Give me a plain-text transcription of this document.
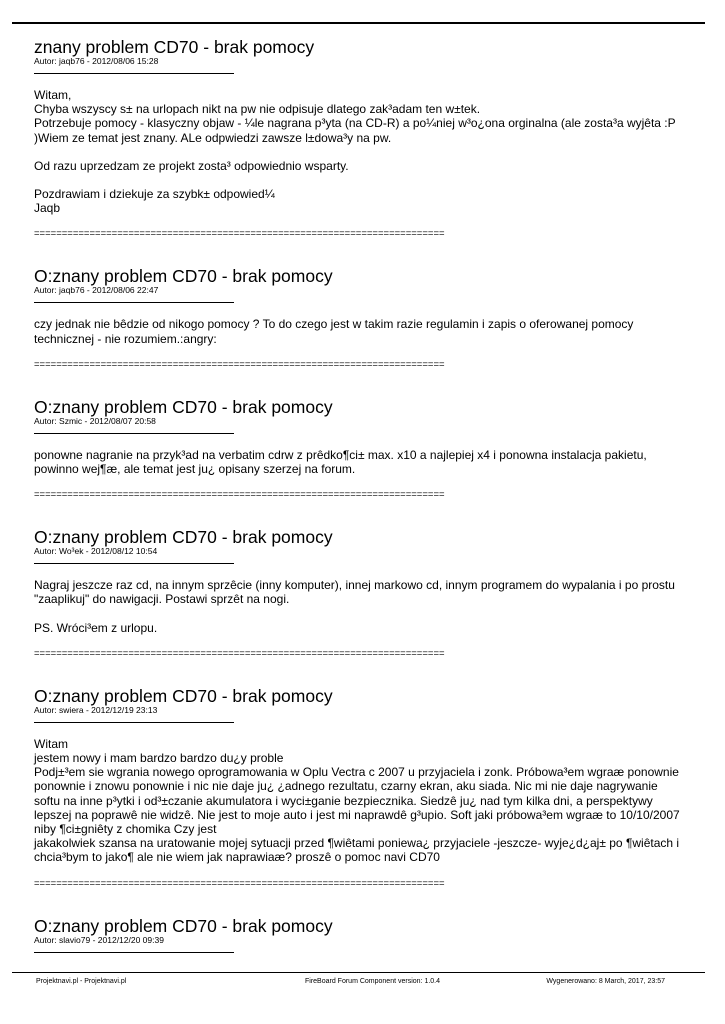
znany problem CD70 - brak pomocy
Autor: jaqb76 - 2012/08/06 15:28

Witam,
Chyba wszyscy s± na urlopach nikt na pw nie odpisuje dlatego zak³adam ten w±tek.
Potrzebuje pomocy - klasyczny objaw - ¼le nagrana p³yta (na CD-R) a po¼niej w³o¿ona orginalna (ale zosta³a wyjêta :P )Wiem ze temat jest znany. ALe odpwiedzi zawsze l±dowa³y na pw.

Od razu uprzedzam ze projekt zosta³ odpowiednio wsparty.

Pozdrawiam i dziekuje za szybk± odpowied¼
Jaqb

==========================================================================
O:znany problem CD70 - brak pomocy
Autor: jaqb76 - 2012/08/06 22:47

czy jednak nie bêdzie od nikogo pomocy ? To do czego jest w takim razie regulamin i zapis o oferowanej pomocy technicznej - nie rozumiem.:angry:

==========================================================================
O:znany problem CD70 - brak pomocy
Autor: Szmic - 2012/08/07 20:58

ponowne nagranie na przyk³ad na verbatim cdrw z prêdko¶ci± max. x10 a najlepiej x4 i ponowna instalacja pakietu, powinno wej¶æ, ale temat jest ju¿ opisany szerzej na forum.

==========================================================================
O:znany problem CD70 - brak pomocy
Autor: Wo³ek - 2012/08/12 10:54

Nagraj jeszcze raz cd, na innym sprzêcie (inny komputer), innej markowo cd, innym programem do wypalania i po prostu "zaaplikuj" do nawigacji. Postawi sprzêt na nogi.

PS. Wróci³em z urlopu.

==========================================================================
O:znany problem CD70 - brak pomocy
Autor: swiera - 2012/12/19 23:13

Witam
jestem nowy i mam bardzo bardzo du¿y proble
Podj±³em sie wgrania nowego oprogramowania w Oplu Vectra c 2007 u przyjaciela i zonk. Próbowa³em wgraæ ponownie ponownie i znowu ponownie i nic nie daje ju¿ ¿adnego rezultatu, czarny ekran, aku siada. Nic mi nie daje nagrywanie softu na inne p³ytki i od³±czanie akumulatora i wyci±ganie bezpiecznika. Siedzê ju¿ nad tym kilka dni, a perspektywy lepszej na poprawê nie widzê. Nie jest to moje auto i jest mi naprawdê g³upio. Soft jaki próbowa³em wgraæ to 10/10/2007 niby ¶ci±gniêty z chomika Czy jest
jakakolwiek szansa na uratowanie mojej sytuacji przed ¶wiêtami poniewa¿ przyjaciele -jeszcze- wyje¿d¿aj± po ¶wiêtach i chcia³bym to jako¶ ale nie wiem jak naprawiaæ? proszê o pomoc navi CD70

==========================================================================
O:znany problem CD70 - brak pomocy
Autor: slavio79 - 2012/12/20 09:39
Projektnavi.pl - Projektnavi.pl	FireBoard Forum Component version: 1.0.4	Wygenerowano: 8 March, 2017, 23:57
